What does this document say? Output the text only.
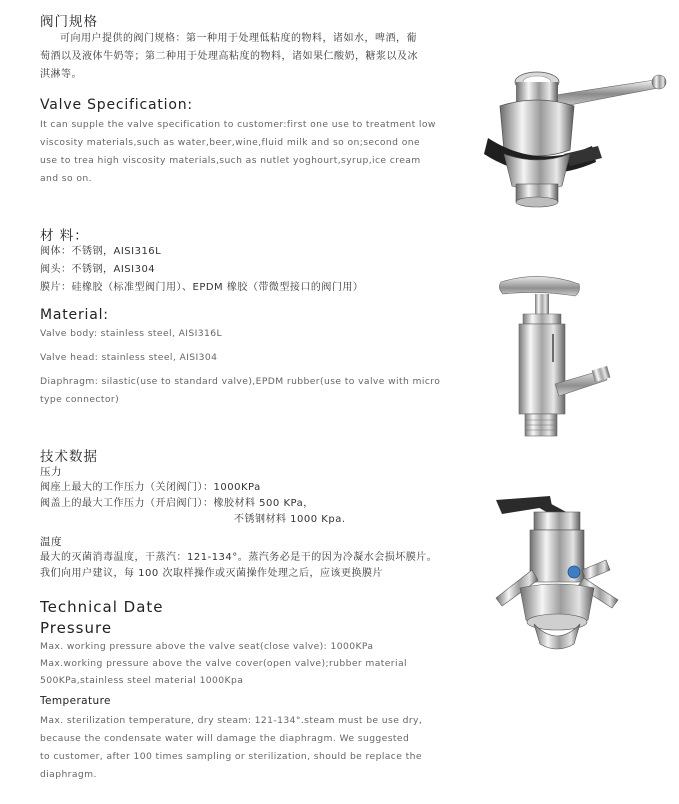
阀门规格
可向用户提供的阀门规格：第一种用于处理低粘度的物料，诸如水，啤酒，葡
萄酒以及液体牛奶等；第二种用于处理高粘度的物料，诸如果仁酸奶，糖浆以及冰
淇淋等。
Valve Specification:
It can supple the valve specification to customer:first one use to treatment low
viscosity materials,such as water,beer,wine,fluid milk and so on;second one
use to trea high viscosity materials,such as nutlet yoghourt,syrup,ice cream
and so on.
材 料：
阀体：不锈钢，AISI316L
阀头：不锈钢，AISI304
膜片：硅橡胶（标准型阀门用）、EPDM 橡胶（带微型接口的阀门用）
Material:
Valve body: stainless steel, AISI316L
Valve head: stainless steel, AISI304
Diaphragm: silastic(use to standard valve),EPDM rubber(use to valve with micro
type connector)
技术数据
压力
阀座上最大的工作压力（关闭阀门）：1000KPa
阀盖上的最大工作压力（开启阀门）：橡胶材料 500 KPa，
不锈钢材料 1000 Kpa.
温度
最大的灭菌消毒温度，干蒸汽：121-134°。蒸汽务必是干的因为冷凝水会损坏膜片。
我们向用户建议，每 100 次取样操作或灭菌操作处理之后，应该更换膜片
Technical Date
Pressure
Max. working pressure above the valve seat(close valve): 1000KPa
Max.working pressure above the valve cover(open valve);rubber material
500KPa,stainless steel material 1000Kpa
Temperature
Max. sterilization temperature, dry steam: 121-134°.steam must be use dry,
because the condensate water will damage the diaphragm. We suggested
to customer, after 100 times sampling or sterilization, should be replace the
diaphragm.
